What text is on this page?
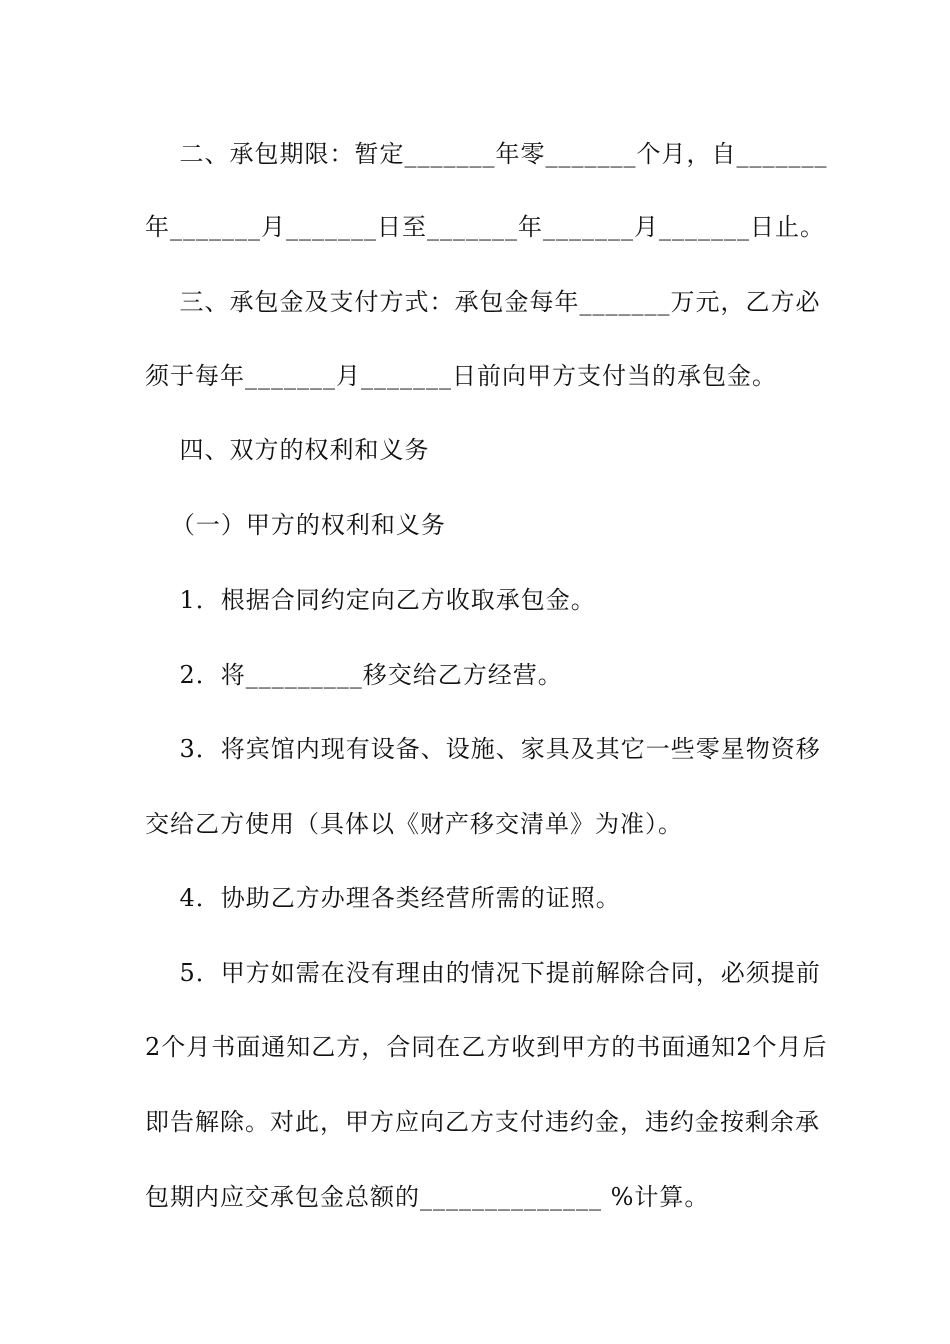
二、承包期限：暂定_______年零_______个月，自_______
年_______月_______日至_______年_______月_______日止。
三、承包金及支付方式：承包金每年_______万元，乙方必
须于每年_______月_______日前向甲方支付当的承包金。
四、双方的权利和义务
（一）甲方的权利和义务
1．根据合同约定向乙方收取承包金。
2．将_________移交给乙方经营。
3．将宾馆内现有设备、设施、家具及其它一些零星物资移
交给乙方使用（具体以《财产移交清单》为准）。
4．协助乙方办理各类经营所需的证照。
5．甲方如需在没有理由的情况下提前解除合同，必须提前
2个月书面通知乙方，合同在乙方收到甲方的书面通知2个月后
即告解除。对此，甲方应向乙方支付违约金，违约金按剩余承
包期内应交承包金总额的______________ %计算。
